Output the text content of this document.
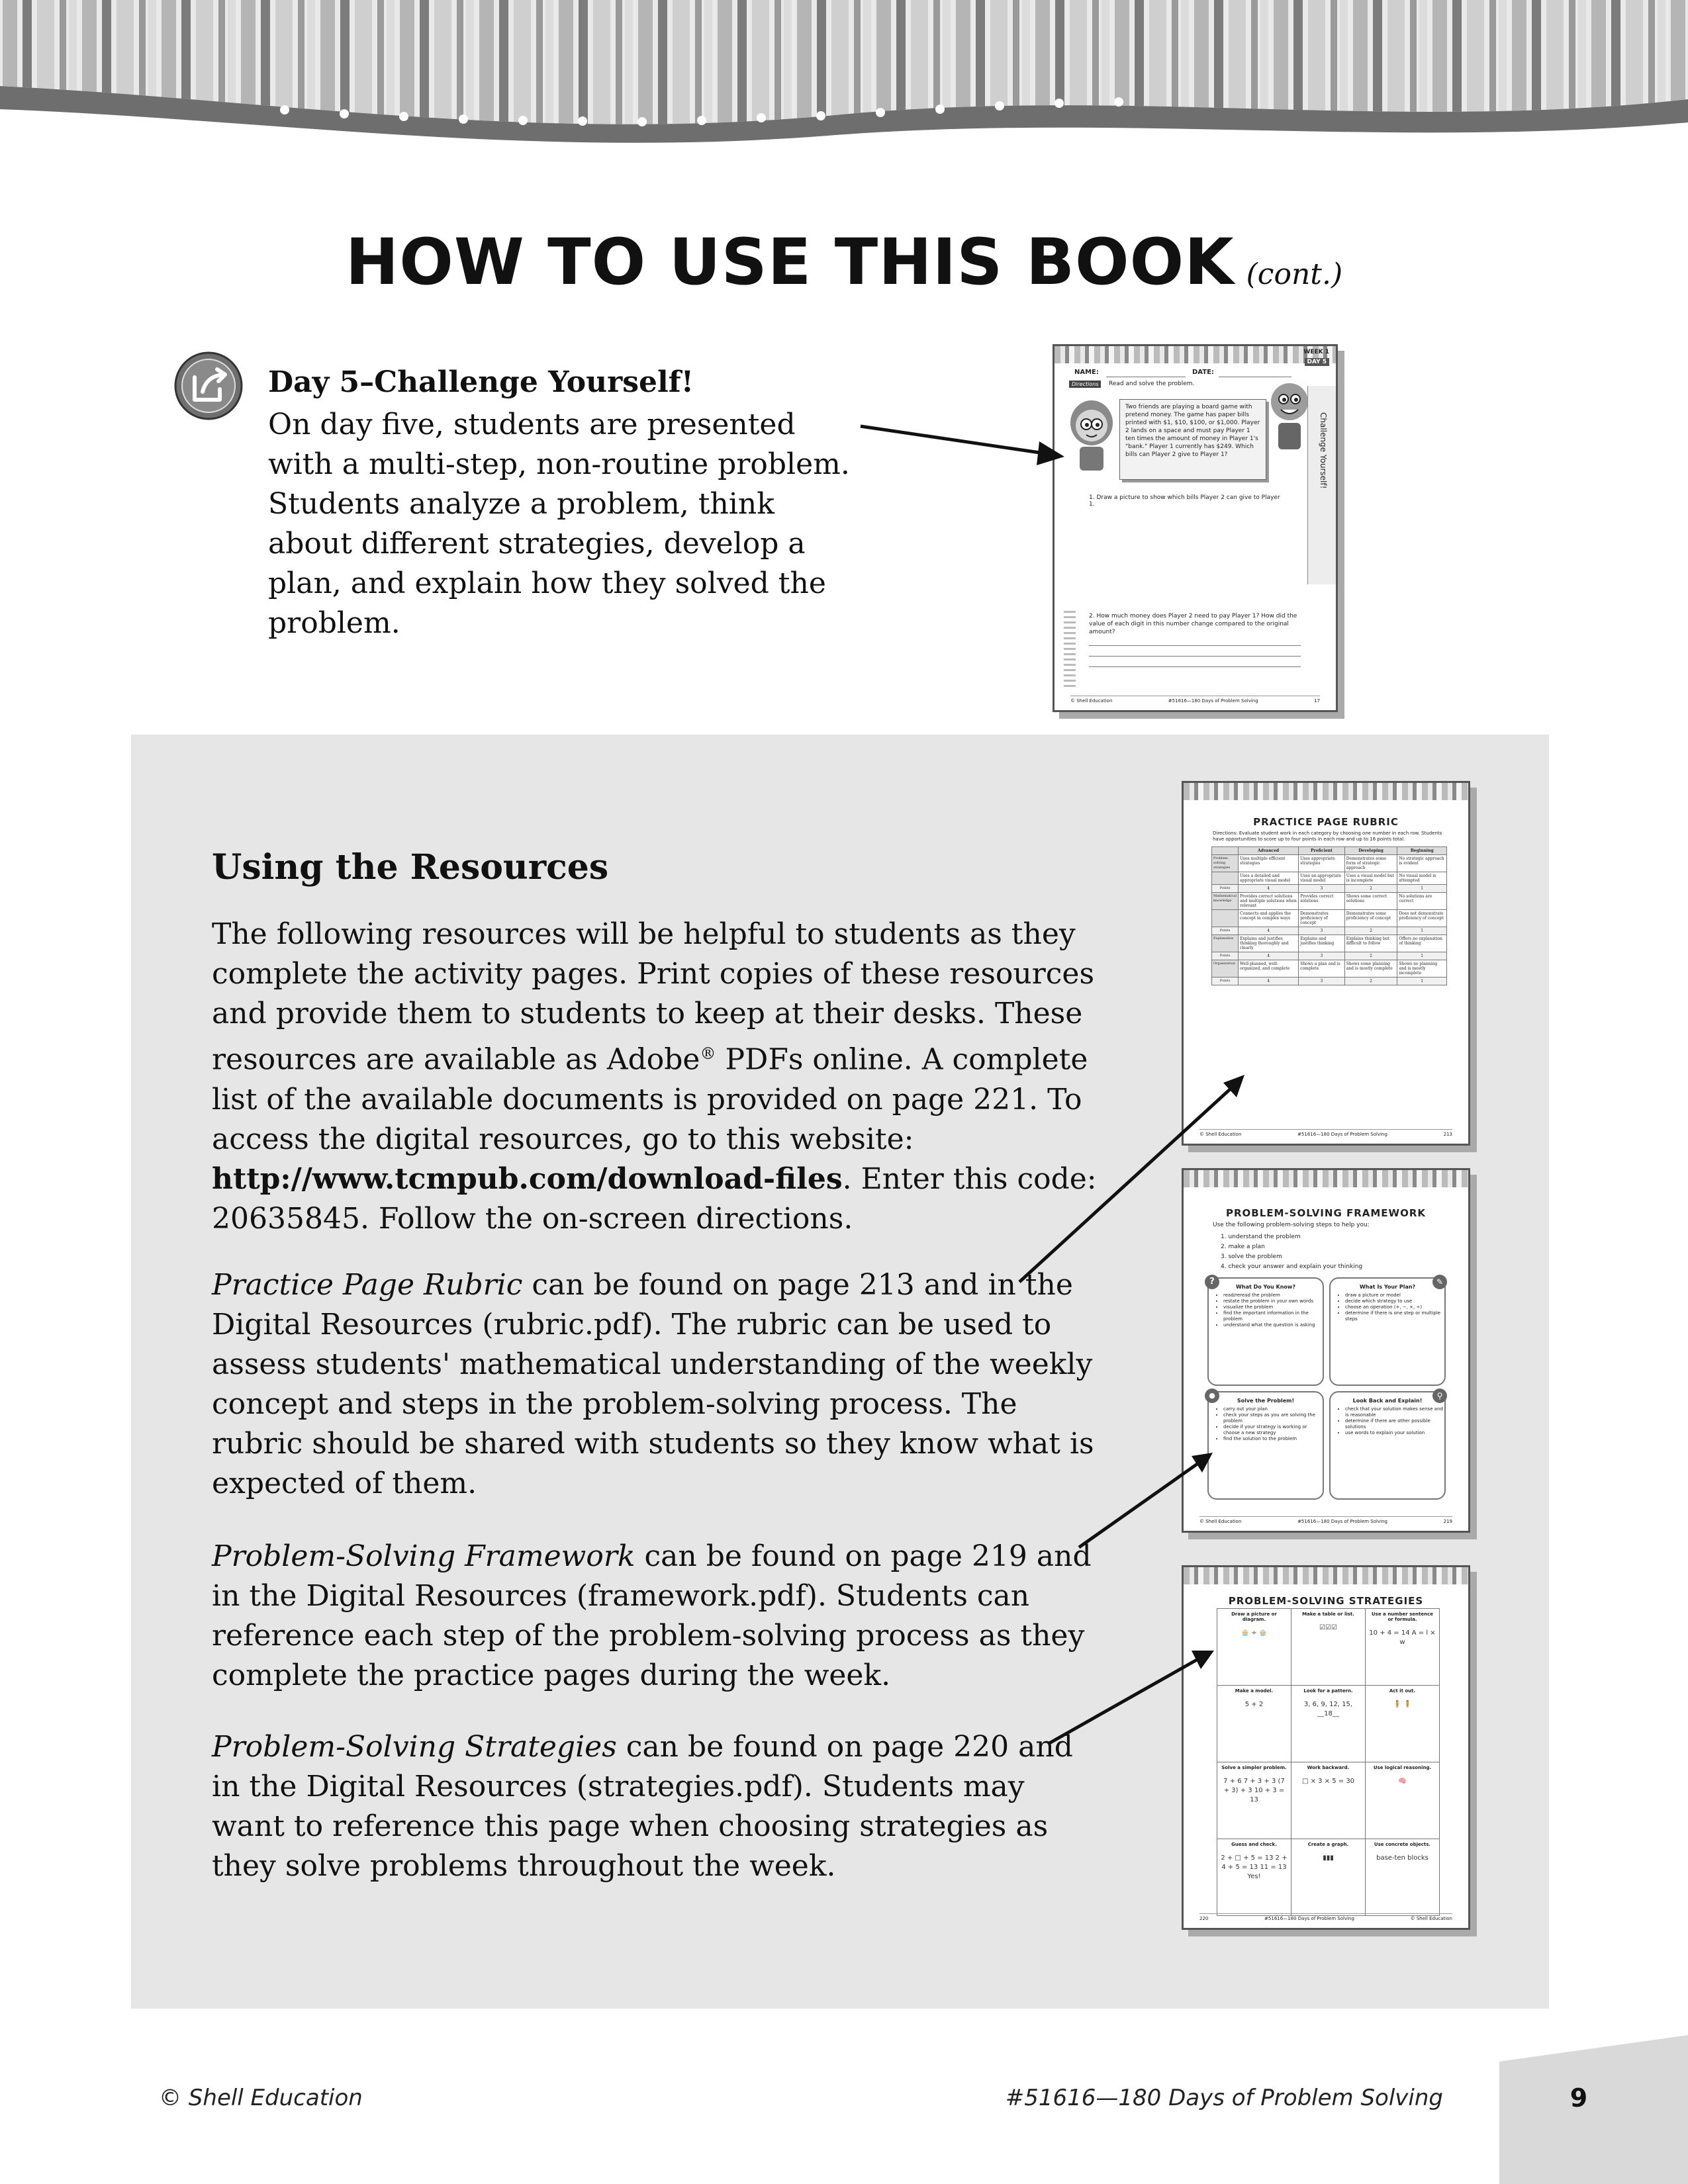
HOW TO USE THIS BOOK (cont.)
Day 5–Challenge Yourself!
On day five, students are presented with a multi-step, non-routine problem. Students analyze a problem, think about different strategies, develop a plan, and explain how they solved the problem.
WEEK 1
DAY 5
NAME:	DATE:
Directions	Read and solve the problem.
Two friends are playing a board game with pretend money. The game has paper bills printed with $1, $10, $100, or $1,000. Player 2 lands on a space and must pay Player 1 ten times the amount of money in Player 1's "bank." Player 1 currently has $249. Which bills can Player 2 give to Player 1?	Challenge Yourself!
1. Draw a picture to show which bills Player 2 can give to Player 1.
2. How much money does Player 2 need to pay Player 1? How did the value of each digit in this number change compared to the original amount?
© Shell Education	#51616—180 Days of Problem Solving	17
Using the Resources
The following resources will be helpful to students as they complete the activity pages. Print copies of these resources and provide them to students to keep at their desks. These resources are available as Adobe® PDFs online. A complete list of the available documents is provided on page 221. To access the digital resources, go to this website: http://www.tcmpub.com/download-files. Enter this code: 20635845. Follow the on-screen directions.
Practice Page Rubric can be found on page 213 and in the Digital Resources (rubric.pdf). The rubric can be used to assess students' mathematical understanding of the weekly concept and steps in the problem-solving process. The rubric should be shared with students so they know what is expected of them.
Problem-Solving Framework can be found on page 219 and in the Digital Resources (framework.pdf). Students can reference each step of the problem-solving process as they complete the practice pages during the week.
Problem-Solving Strategies can be found on page 220 and in the Digital Resources (strategies.pdf). Students may want to reference this page when choosing strategies as they solve problems throughout the week.
PRACTICE PAGE RUBRIC
Directions: Evaluate student work in each category by choosing one number in each row. Students have opportunities to score up to four points in each row and up to 16 points total.
	Advanced	Proficient	Developing	Beginning
Problem-solving strategies	Uses multiple efficient strategies	Uses appropriate strategies	Demonstrates some form of strategic approach	No strategic approach is evident
	Uses a detailed and appropriate visual model	Uses an appropriate visual model	Uses a visual model but is incomplete	No visual model is attempted
Points	4	3	2	1
Mathematical knowledge	Provides correct solutions and multiple solutions when relevant	Provides correct solutions	Shows some correct solutions	No solutions are correct
	Connects and applies the concept in complex ways	Demonstrates proficiency of concept	Demonstrates some proficiency of concept	Does not demonstrate proficiency of concept
Points	4	3	2	1
Explanation	Explains and justifies thinking thoroughly and clearly	Explains and justifies thinking	Explains thinking but difficult to follow	Offers no explanation of thinking
Points	4	3	2	1
Organization	Well-planned, well-organized, and complete	Shows a plan and is complete	Shows some planning and is mostly complete	Shows no planning and is mostly incomplete
Points	4	3	2	1
© Shell Education	#51616—180 Days of Problem Solving	213
PROBLEM-SOLVING FRAMEWORK
Use the following problem-solving steps to help you:
1. understand the problem
2. make a plan
3. solve the problem
4. check your answer and explain your thinking
What Do You Know?
• read/reread the problem
• restate the problem in your own words
• visualize the problem
• find the important information in the problem
• understand what the question is asking
What Is Your Plan?
• draw a picture or model
• decide which strategy to use
• choose an operation (+, −, ×, ÷)
• determine if there is one step or multiple steps
Solve the Problem!
• carry out your plan
• check your steps as you are solving the problem
• decide if your strategy is working or choose a new strategy
• find the solution to the problem
Look Back and Explain!
• check that your solution makes sense and is reasonable
• determine if there are other possible solutions
• use words to explain your solution
?	✎
●	⚲
© Shell Education	#51616—180 Days of Problem Solving	219
PROBLEM-SOLVING STRATEGIES
Draw a picture or diagram.
🧁 ÷ 🧁
Make a table or list.
☑☑☑
Use a number sentence or formula.
10 + 4 = 14 A = l × w
Make a model.
5 + 2
Look for a pattern.
3, 6, 9, 12, 15, __18__
Act it out.
🧍 🧍
Solve a simpler problem.
7 + 6 7 + 3 + 3 (7 + 3) + 3 10 + 3 = 13
Work backward.
□ × 3 × 5 = 30
Use logical reasoning.
🧠
Guess and check.
2 + □ + 5 = 13 2 + 4 + 5 = 13 11 = 13 Yes!
Create a graph.
▮▮▮
Use concrete objects.
base-ten blocks
220	#51616—180 Days of Problem Solving	© Shell Education
© Shell Education	#51616—180 Days of Problem Solving	9
